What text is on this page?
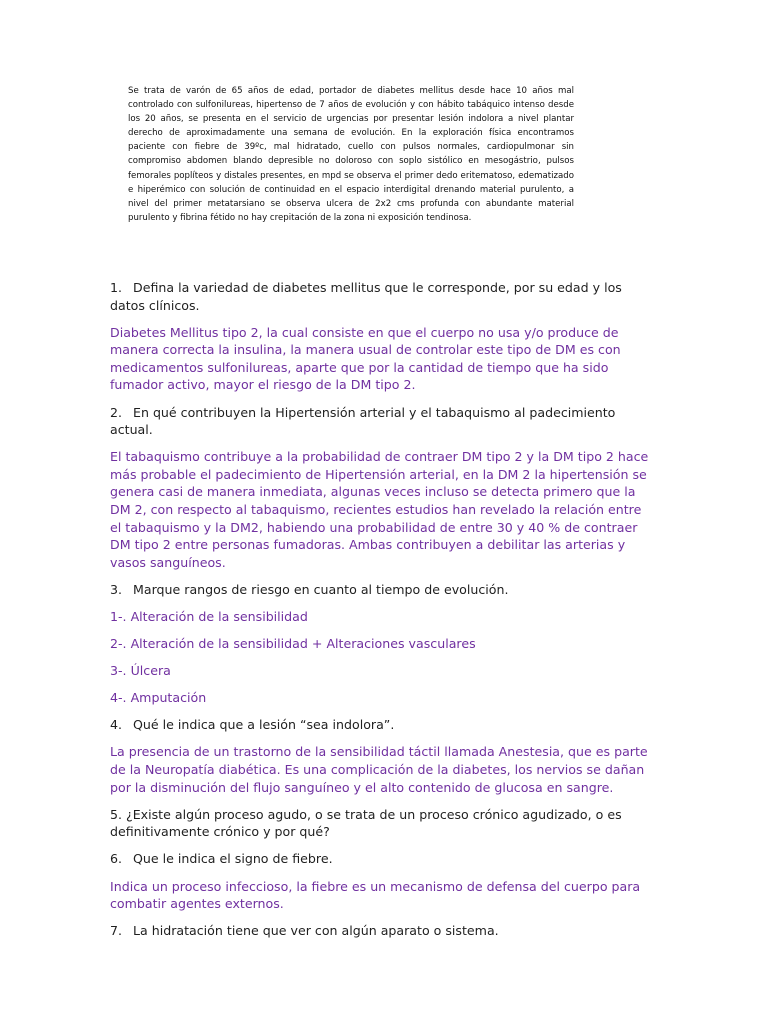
Se trata de varón de 65 años de edad, portador de diabetes mellitus desde hace 10 años mal controlado con sulfonilureas, hipertenso de 7 años de evolución y con hábito tabáquico intenso desde los 20 años, se presenta en el servicio de urgencias por presentar lesión indolora a nivel plantar derecho de aproximadamente una semana de evolución. En la exploración física encontramos paciente con fiebre de 39ºc, mal hidratado, cuello con pulsos normales, cardiopulmonar sin compromiso abdomen blando depresible no doloroso con soplo sistólico en mesogástrio, pulsos femorales poplíteos y distales presentes, en mpd se observa el primer dedo eritematoso, edematizado e hiperémico con solución de continuidad en el espacio interdigital drenando material purulento, a nivel del primer metatarsiano se observa ulcera de 2x2 cms profunda con abundante material purulento y fibrina fétido no hay crepitación de la zona ni exposición tendinosa.

1. Defina la variedad de diabetes mellitus que le corresponde, por su edad y los datos clínicos.

Diabetes Mellitus tipo 2, la cual consiste en que el cuerpo no usa y/o produce de manera correcta la insulina, la manera usual de controlar este tipo de DM es con medicamentos sulfonilureas, aparte que por la cantidad de tiempo que ha sido fumador activo, mayor el riesgo de la DM tipo 2.

2. En qué contribuyen la Hipertensión arterial y el tabaquismo al padecimiento actual.

El tabaquismo contribuye a la probabilidad de contraer DM tipo 2 y la DM tipo 2 hace más probable el padecimiento de Hipertensión arterial, en la DM 2 la hipertensión se genera casi de manera inmediata, algunas veces incluso se detecta primero que la DM 2, con respecto al tabaquismo, recientes estudios han revelado la relación entre el tabaquismo y la DM2, habiendo una probabilidad de entre 30 y 40 % de contraer DM tipo 2 entre personas fumadoras. Ambas contribuyen a debilitar las arterias y vasos sanguíneos.

3. Marque rangos de riesgo en cuanto al tiempo de evolución.

1-. Alteración de la sensibilidad

2-. Alteración de la sensibilidad + Alteraciones vasculares

3-. Úlcera

4-. Amputación

4. Qué le indica que a lesión “sea indolora”.

La presencia de un trastorno de la sensibilidad táctil llamada Anestesia, que es parte de la Neuropatía diabética. Es una complicación de la diabetes, los nervios se dañan por la disminución del flujo sanguíneo y el alto contenido de glucosa en sangre.

5. ¿Existe algún proceso agudo, o se trata de un proceso crónico agudizado, o es definitivamente crónico y por qué?

6. Que le indica el signo de fiebre.

Indica un proceso infeccioso, la fiebre es un mecanismo de defensa del cuerpo para combatir agentes externos.

7. La hidratación tiene que ver con algún aparato o sistema.
